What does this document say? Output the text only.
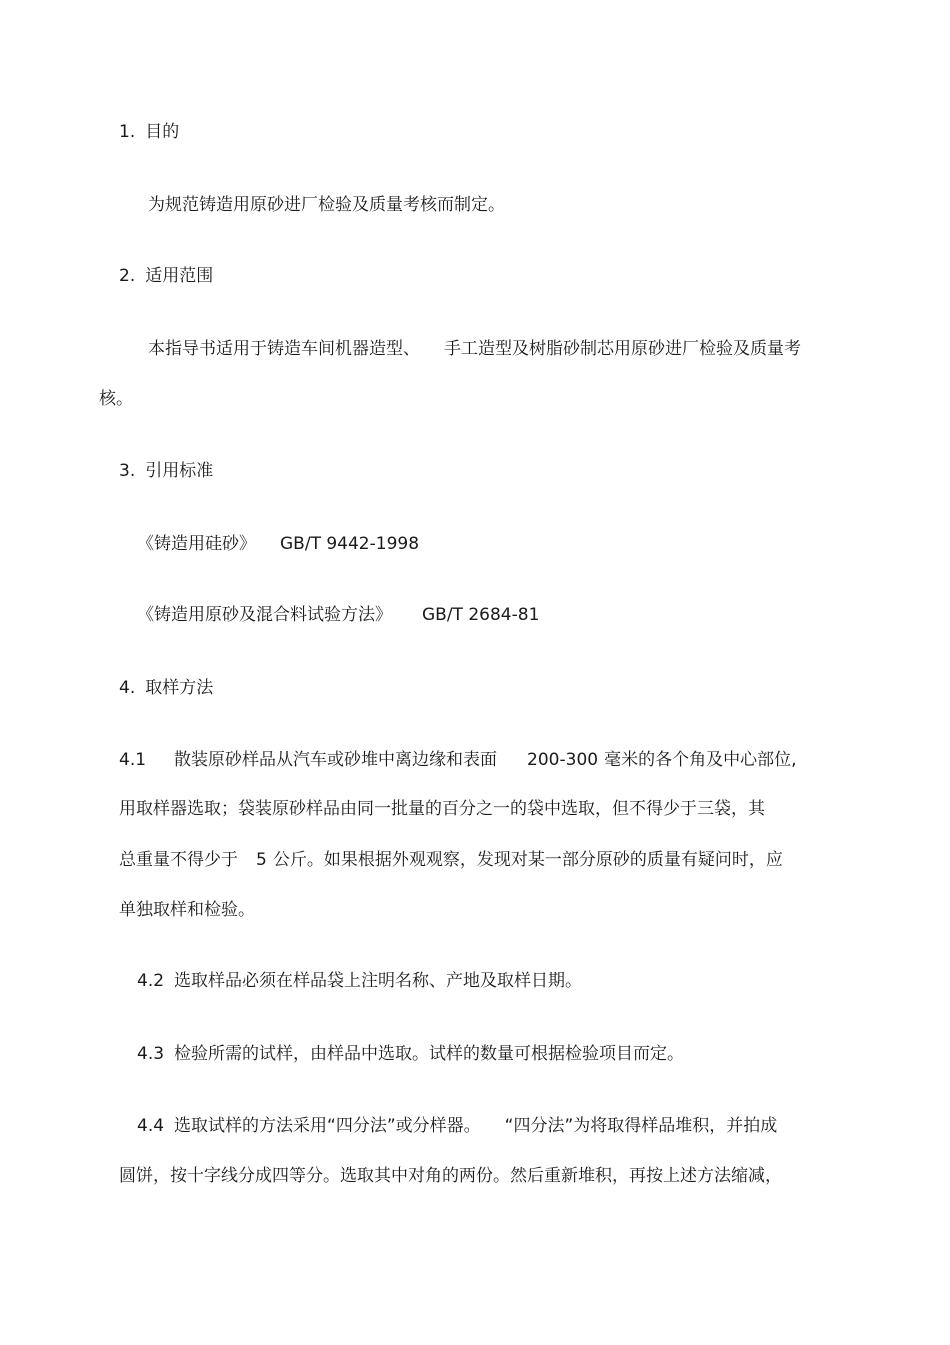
1. 目的
为规范铸造用原砂进厂检验及质量考核而制定。
2. 适用范围
本指导书适用于铸造车间机器造型、 手工造型及树脂砂制芯用原砂进厂检验及质量考
核。
3. 引用标准
《铸造用硅砂》 GB/T 9442-1998
《铸造用原砂及混合料试验方法》 GB/T 2684-81
4. 取样方法
4.1 散装原砂样品从汽车或砂堆中离边缘和表面 200-300 毫米的各个角及中心部位,
用取样器选取；袋装原砂样品由同一批量的百分之一的袋中选取，但不得少于三袋，其
总重量不得少于 5 公斤。如果根据外观观察，发现对某一部分原砂的质量有疑问时，应
单独取样和检验。
4.2 选取样品必须在样品袋上注明名称、产地及取样日期。
4.3 检验所需的试样，由样品中选取。试样的数量可根据检验项目而定。
4.4 选取试样的方法采用“四分法”或分样器。 “四分法”为将取得样品堆积，并拍成
圆饼，按十字线分成四等分。选取其中对角的两份。然后重新堆积，再按上述方法缩减，
